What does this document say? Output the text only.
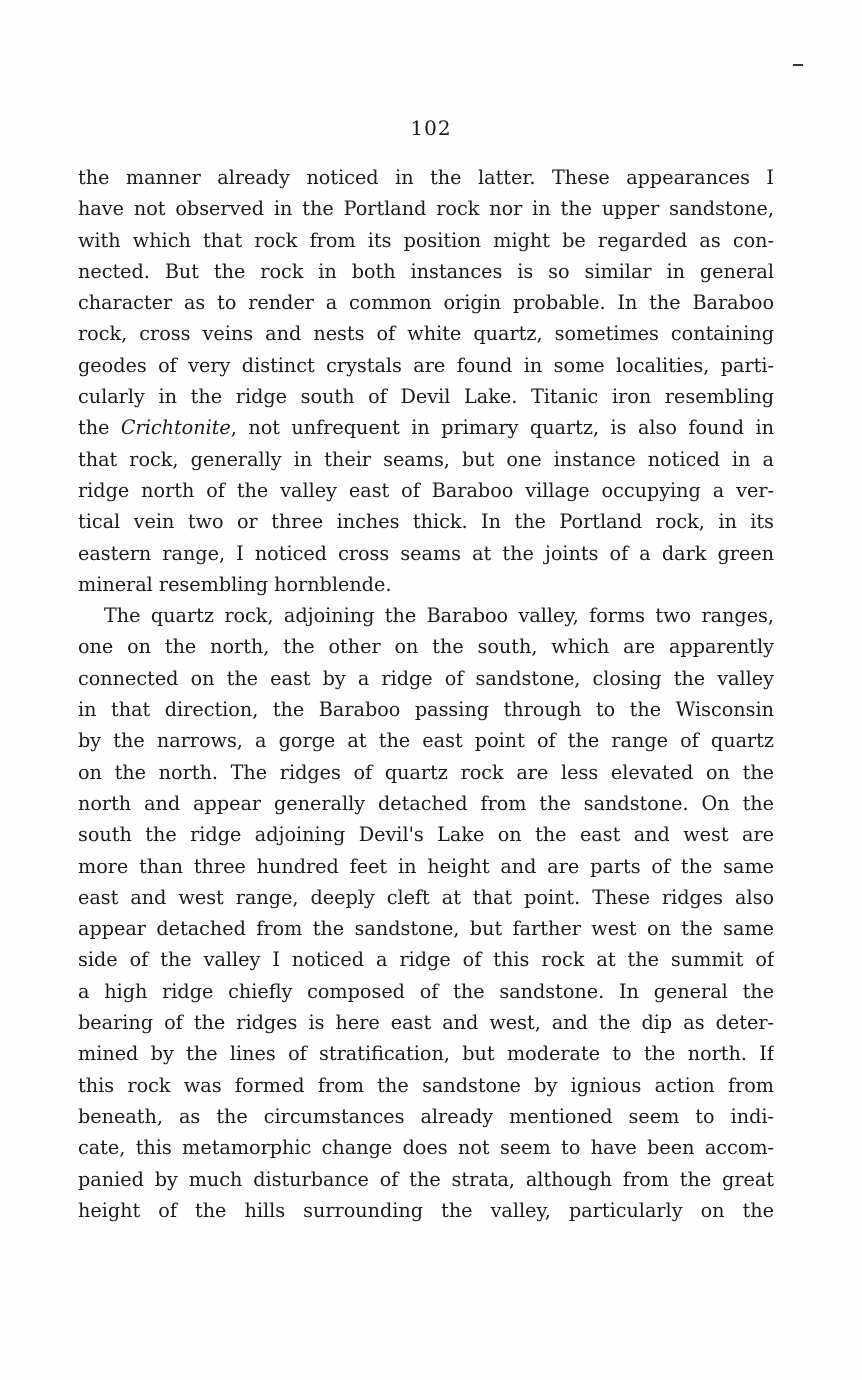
102
the manner already noticed in the latter. These appearances I
have not observed in the Portland rock nor in the upper sandstone,
with which that rock from its position might be regarded as con-
nected. But the rock in both instances is so similar in general
character as to render a common origin probable. In the Baraboo
rock, cross veins and nests of white quartz, sometimes containing
geodes of very distinct crystals are found in some localities, parti-
cularly in the ridge south of Devil Lake. Titanic iron resembling
the Crichtonite, not unfrequent in primary quartz, is also found in
that rock, generally in their seams, but one instance noticed in a
ridge north of the valley east of Baraboo village occupying a ver-
tical vein two or three inches thick. In the Portland rock, in its
eastern range, I noticed cross seams at the joints of a dark green
mineral resembling hornblende.
The quartz rock, adjoining the Baraboo valley, forms two ranges,
one on the north, the other on the south, which are apparently
connected on the east by a ridge of sandstone, closing the valley
in that direction, the Baraboo passing through to the Wisconsin
by the narrows, a gorge at the east point of the range of quartz
on the north. The ridges of quartz rock are less elevated on the
north and appear generally detached from the sandstone. On the
south the ridge adjoining Devil's Lake on the east and west are
more than three hundred feet in height and are parts of the same
east and west range, deeply cleft at that point. These ridges also
appear detached from the sandstone, but farther west on the same
side of the valley I noticed a ridge of this rock at the summit of
a high ridge chiefly composed of the sandstone. In general the
bearing of the ridges is here east and west, and the dip as deter-
mined by the lines of stratification, but moderate to the north. If
this rock was formed from the sandstone by ignious action from
beneath, as the circumstances already mentioned seem to indi-
cate, this metamorphic change does not seem to have been accom-
panied by much disturbance of the strata, although from the great
height of the hills surrounding the valley, particularly on the
